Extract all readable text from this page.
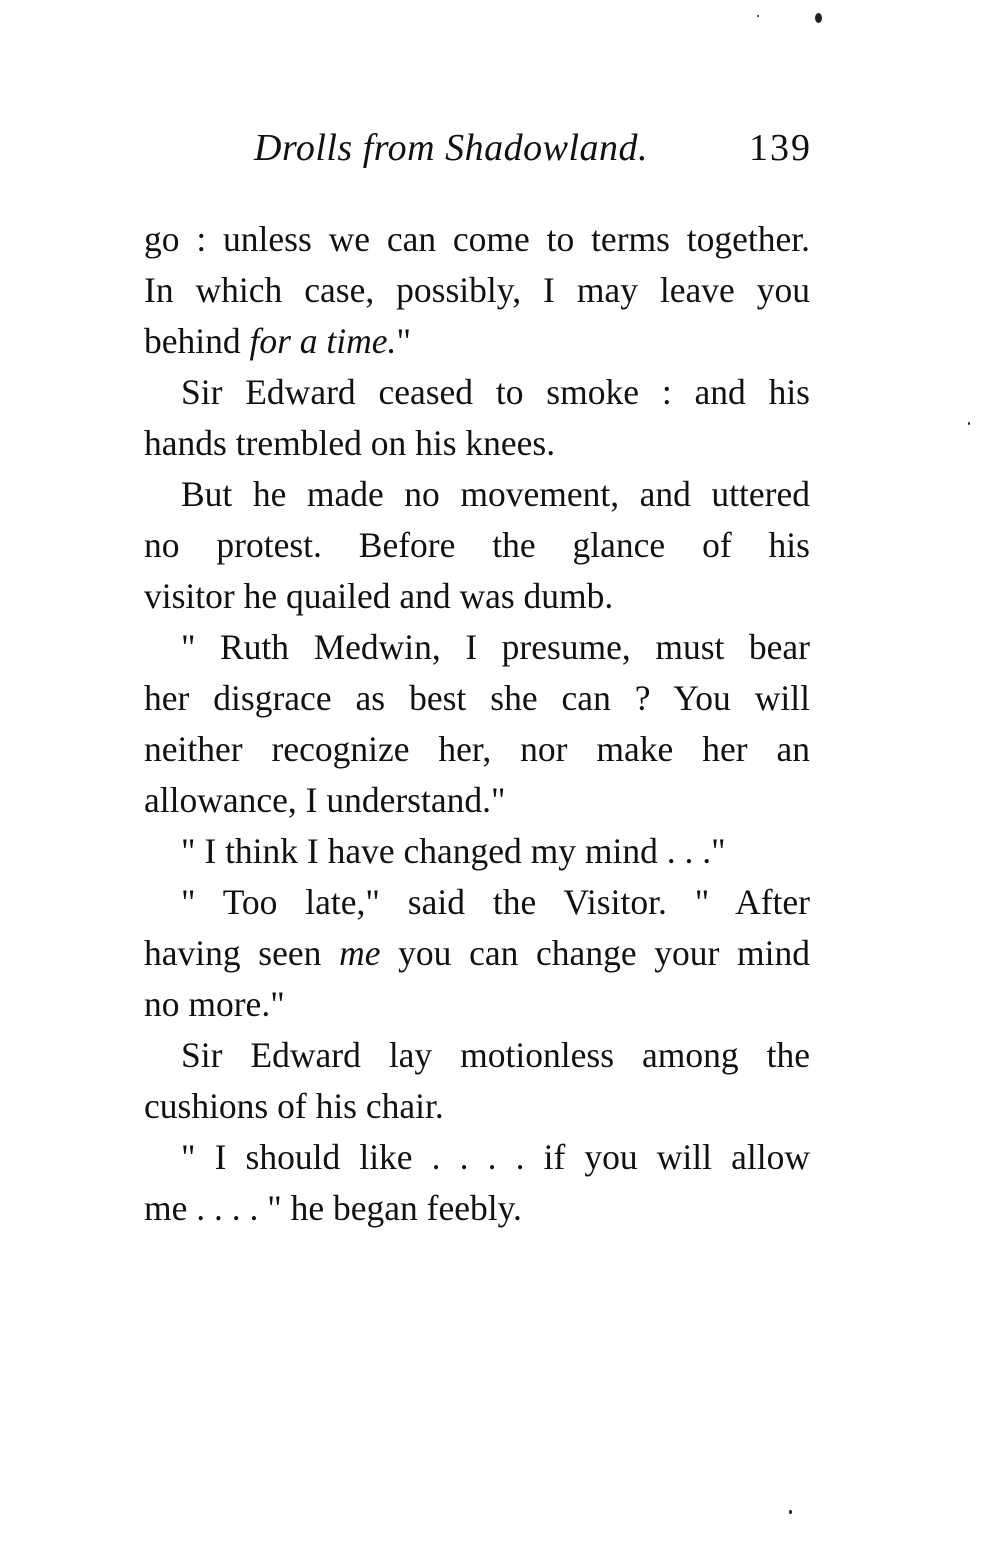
Drolls from Shadowland.	139
go : unless we can come to terms together.
In which case, possibly, I may leave you
behind for a time."
Sir Edward ceased to smoke : and his
hands trembled on his knees.
But he made no movement, and uttered
no protest. Before the glance of his
visitor he quailed and was dumb.
" Ruth Medwin, I presume, must bear
her disgrace as best she can ? You will
neither recognize her, nor make her an
allowance, I understand."
" I think I have changed my mind . . ."
" Too late," said the Visitor. " After
having seen me you can change your mind
no more."
Sir Edward lay motionless among the
cushions of his chair.
" I should like . . . . if you will allow
me . . . . " he began feebly.
